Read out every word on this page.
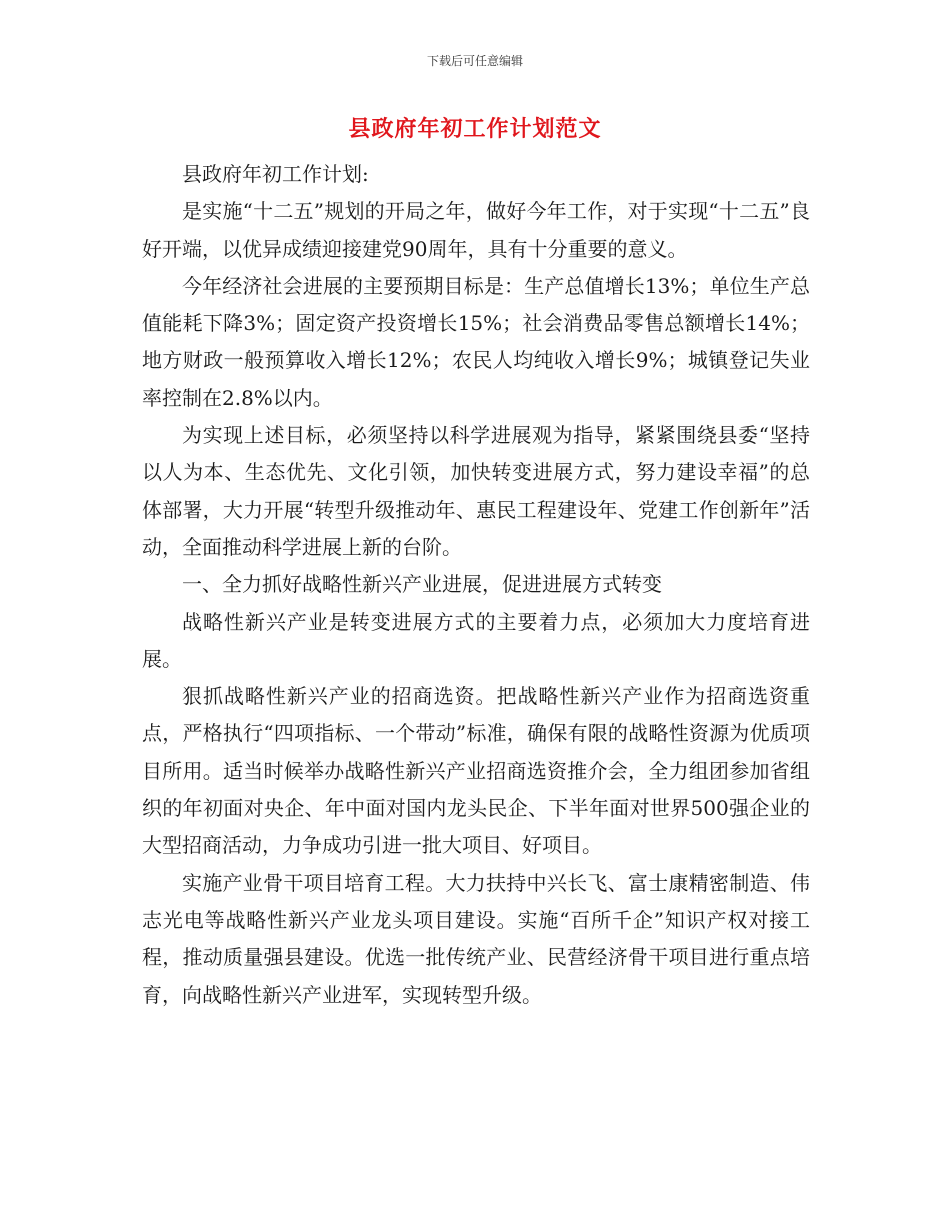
下载后可任意编辑
县政府年初工作计划范文

县政府年初工作计划:

是实施“十二五”规划的开局之年，做好今年工作，对于实现“十二五”良好开端，以优异成绩迎接建党90周年，具有十分重要的意义。

今年经济社会进展的主要预期目标是：生产总值增长13%；单位生产总值能耗下降3%；固定资产投资增长15%；社会消费品零售总额增长14%；地方财政一般预算收入增长12%；农民人均纯收入增长9%；城镇登记失业率控制在2.8%以内。

为实现上述目标，必须坚持以科学进展观为指导，紧紧围绕县委“坚持以人为本、生态优先、文化引领，加快转变进展方式，努力建设幸福”的总体部署，大力开展“转型升级推动年、惠民工程建设年、党建工作创新年”活动，全面推动科学进展上新的台阶。

一、全力抓好战略性新兴产业进展，促进进展方式转变

战略性新兴产业是转变进展方式的主要着力点，必须加大力度培育进展。

狠抓战略性新兴产业的招商选资。把战略性新兴产业作为招商选资重点，严格执行“四项指标、一个带动”标准，确保有限的战略性资源为优质项目所用。适当时候举办战略性新兴产业招商选资推介会，全力组团参加省组织的年初面对央企、年中面对国内龙头民企、下半年面对世界500强企业的大型招商活动，力争成功引进一批大项目、好项目。

实施产业骨干项目培育工程。大力扶持中兴长飞、富士康精密制造、伟志光电等战略性新兴产业龙头项目建设。实施“百所千企”知识产权对接工程，推动质量强县建设。优选一批传统产业、民营经济骨干项目进行重点培育，向战略性新兴产业进军，实现转型升级。
